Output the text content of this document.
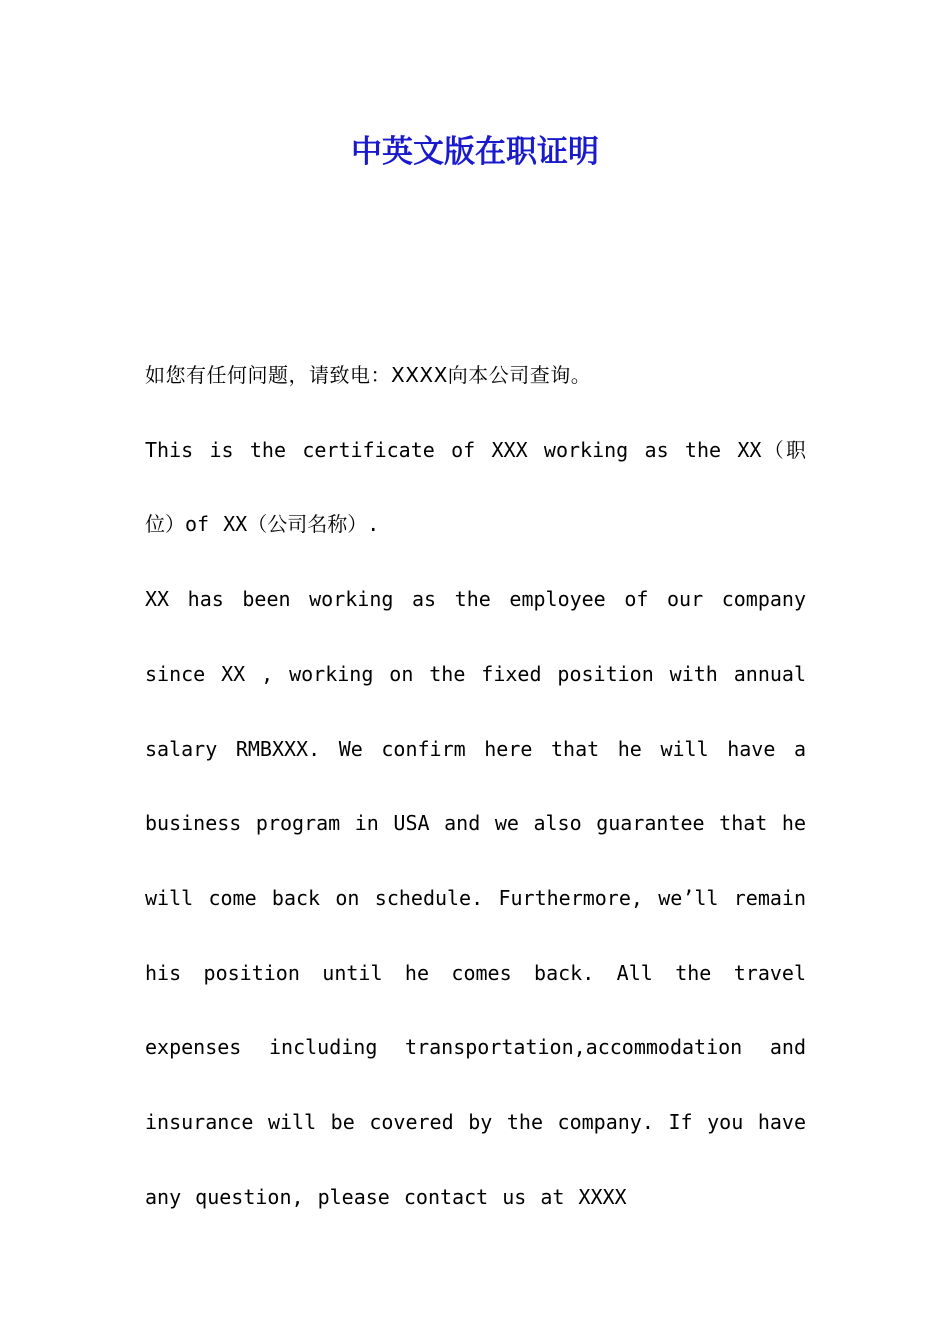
中英文版在职证明

如您有任何问题，请致电：XXXX向本公司查询。

This is the certificate of XXX working as the XX（职位）of XX（公司名称）.

XX has been working as the employee of our company since XX , working on the fixed position with annual salary RMBXXX. We confirm here that he will have a business program in USA and we also guarantee that he will come back on schedule. Furthermore, we’ll remain his position until he comes back. All the travel expenses including transportation,accommodation and insurance will be covered by the company. If you have any question, please contact us at XXXX
